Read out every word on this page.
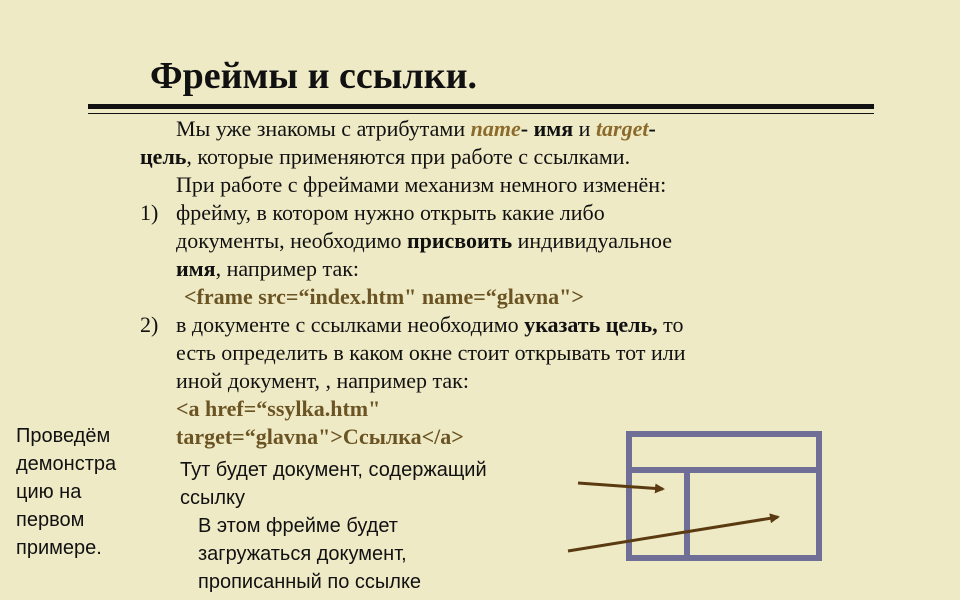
Фреймы и ссылки.
Мы уже знакомы с атрибутами name- имя и target-
цель, которые применяются при работе с ссылками.
При работе с фреймами механизм немного изменён:
1) фрейму, в котором нужно открыть какие либо
документы, необходимо присвоить индивидуальное
имя, например так:
<frame src=“index.htm" name=“glavna">
2) в документе с ссылками необходимо указать цель, то
есть определить в каком окне стоит открывать тот или
иной документ, , например так:
<a href=“ssylka.htm"
target=“glavna">Ссылка</a>
Проведём
демонстра
цию на
первом
примере.
Тут будет документ, содержащий
ссылку
В этом фрейме будет
загружаться документ,
прописанный по ссылке
